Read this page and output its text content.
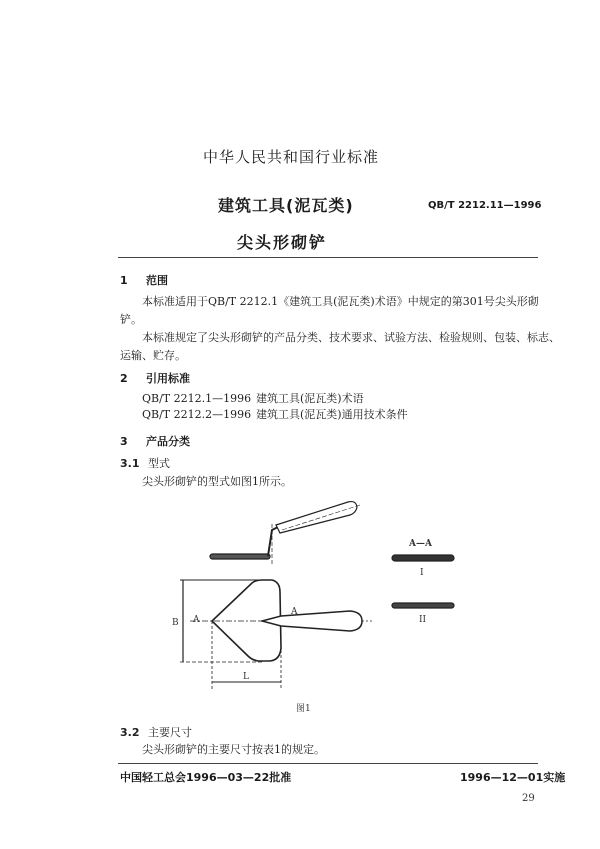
中华人民共和国行业标准
建筑工具(泥瓦类)	QB/T 2212.11—1996
尖头形砌铲
1 范围
本标准适用于QB/T 2212.1《建筑工具(泥瓦类)术语》中规定的第301号尖头形砌
铲。
本标准规定了尖头形砌铲的产品分类、技术要求、试验方法、检验规则、包装、标志、
运输、贮存。
2 引用标准
QB/T 2212.1—1996 建筑工具(泥瓦类)术语
QB/T 2212.2—1996 建筑工具(泥瓦类)通用技术条件
3 产品分类
3.1 型式
尖头形砌铲的型式如图1所示。
A
A
B
L
A—A
I
II
图1
3.2 主要尺寸
尖头形砌铲的主要尺寸按表1的规定。
中国轻工总会1996—03—22批准	1996—12—01实施
29
